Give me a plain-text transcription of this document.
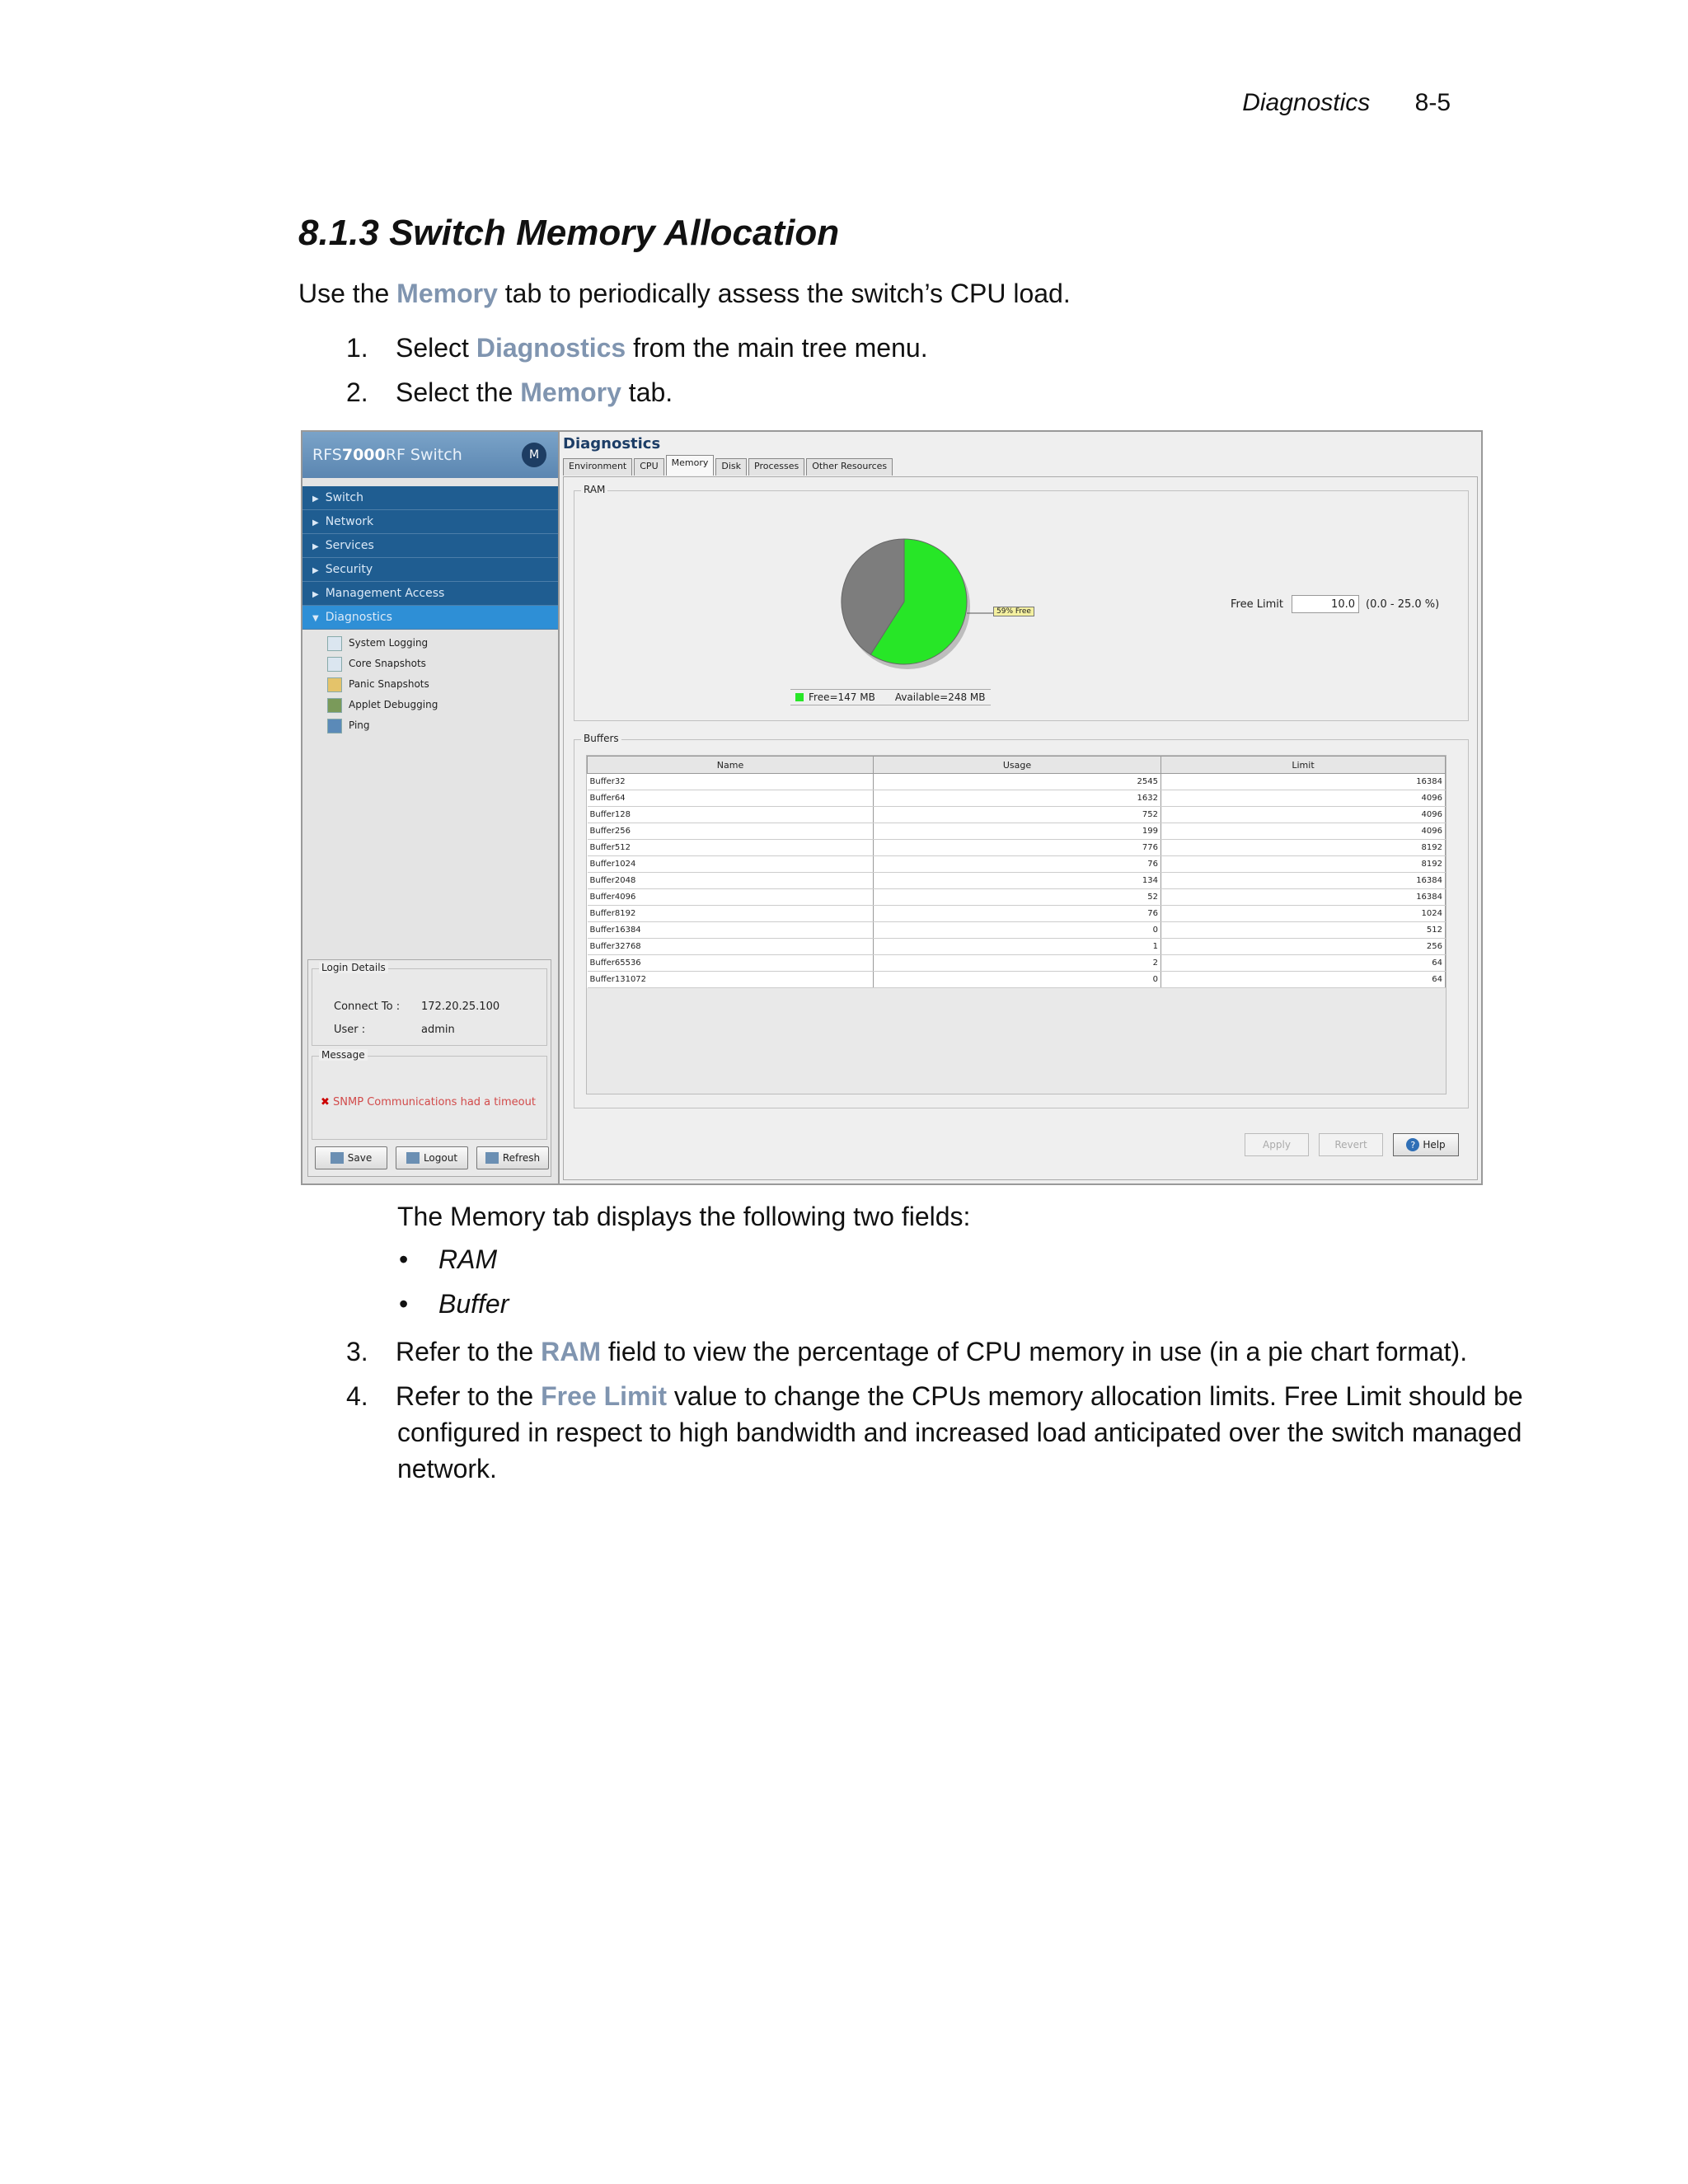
Diagnostics 8-5
8.1.3 Switch Memory Allocation
Use the Memory tab to periodically assess the switch’s CPU load.
1. Select Diagnostics from the main tree menu.
2. Select the Memory tab.
RFS 7000 RF Switch	M
▶ Switch
▶ Network
▶ Services
▶ Security
▶ Management Access
▼ Diagnostics
System Logging
Core Snapshots
Panic Snapshots
Applet Debugging
Ping
Login Details
Connect To : 172.20.25.100
User :	admin
Message
✖ SNMP Communications had a timeout
Save	Logout	Refresh
Diagnostics
Environment	CPU	Memory	Disk	Processes	Other Resources
RAM
59% Free
Free=147 MB Available=248 MB
Free Limit	10.0	(0.0 - 25.0 %)
Buffers
Name	Usage	Limit
Buffer32	2545	16384
Buffer64	1632	4096
Buffer128	752	4096
Buffer256	199	4096
Buffer512	776	8192
Buffer1024	76	8192
Buffer2048	134	16384
Buffer4096	52	16384
Buffer8192	76	1024
Buffer16384	0	512
Buffer32768	1	256
Buffer65536	2	64
Buffer131072	0	64
Apply	Revert	? Help
The Memory tab displays the following two fields:
• RAM
• Buffer
3. Refer to the RAM field to view the percentage of CPU memory in use (in a pie chart format).
4. Refer to the Free Limit value to change the CPUs memory allocation limits. Free Limit should be
configured in respect to high bandwidth and increased load anticipated over the switch managed
network.
